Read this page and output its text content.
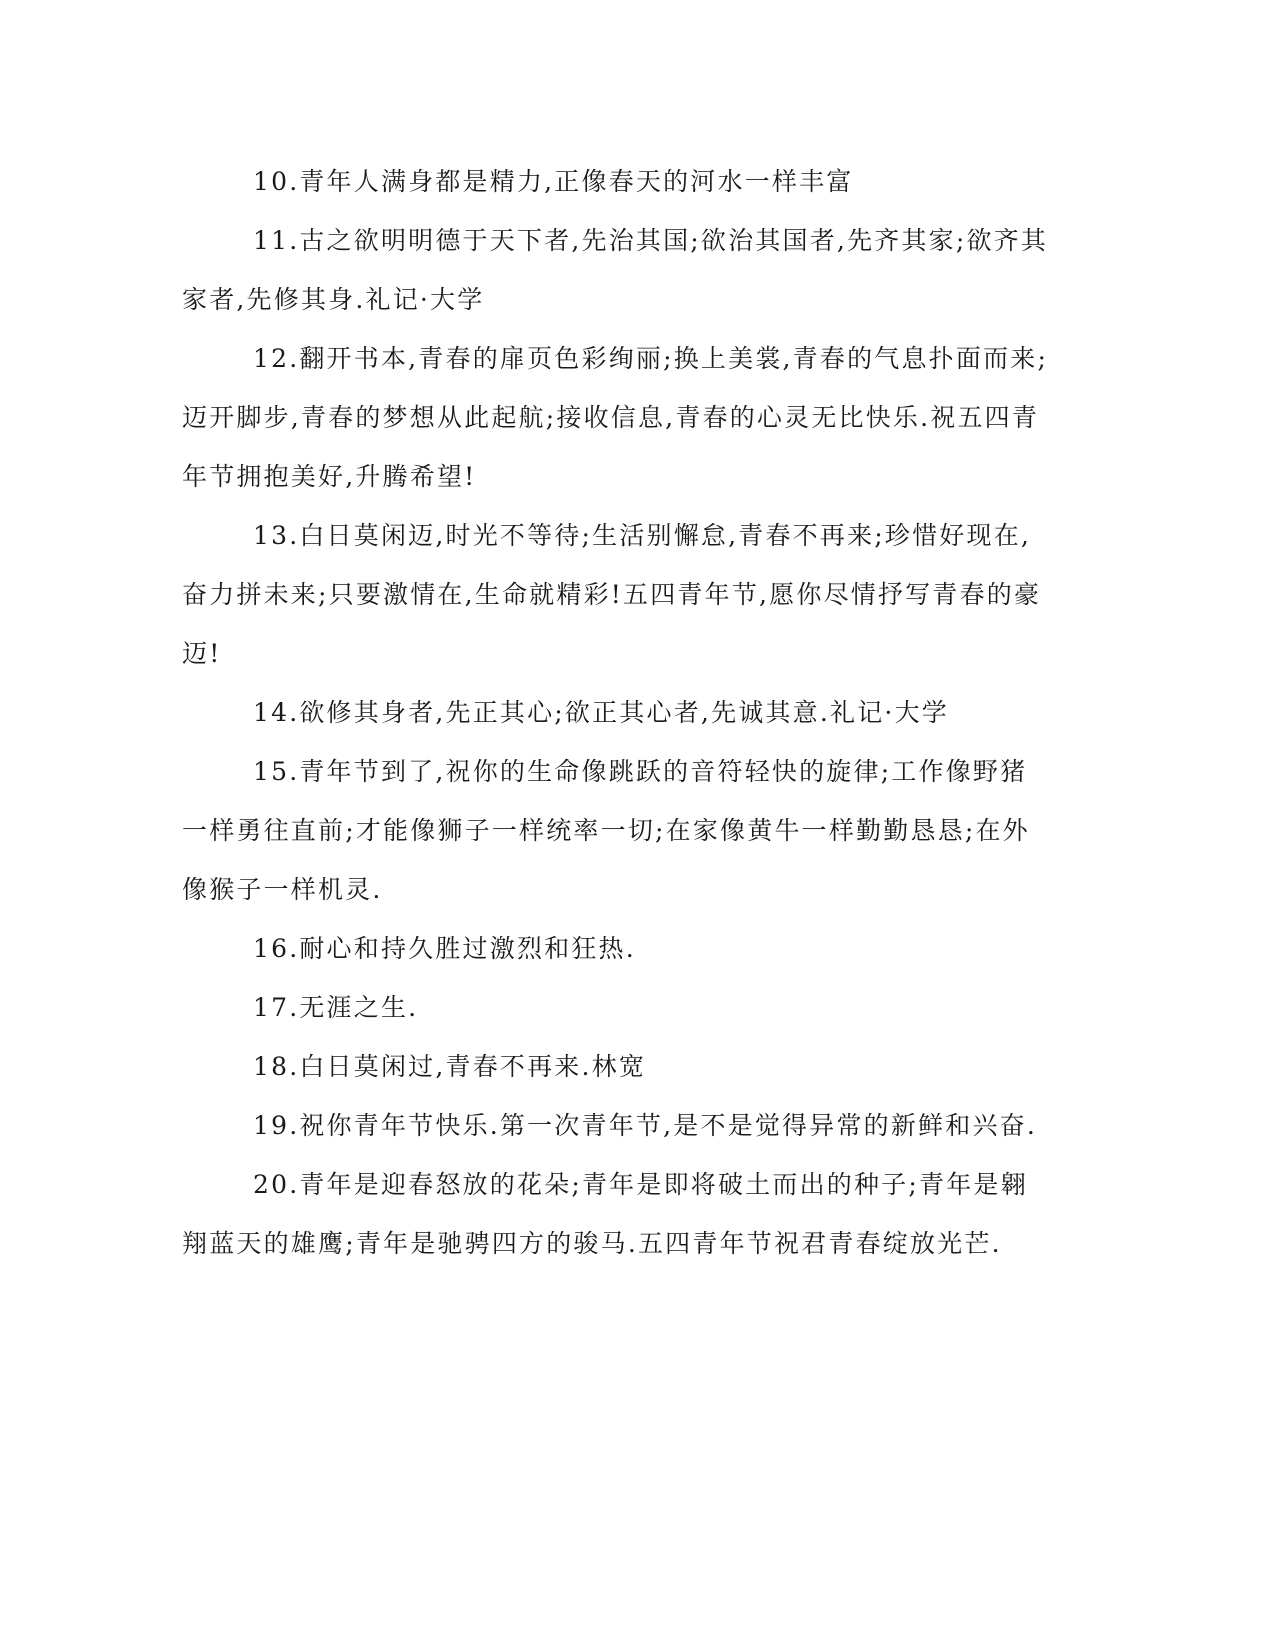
10.青年人满身都是精力,正像春天的河水一样丰富

11.古之欲明明德于天下者,先治其国;欲治其国者,先齐其家;欲齐其家者,先修其身.礼记·大学

12.翻开书本,青春的扉页色彩绚丽;换上美裳,青春的气息扑面而来;迈开脚步,青春的梦想从此起航;接收信息,青春的心灵无比快乐.祝五四青年节拥抱美好,升腾希望!

13.白日莫闲迈,时光不等待;生活别懈怠,青春不再来;珍惜好现在,奋力拼未来;只要激情在,生命就精彩!五四青年节,愿你尽情抒写青春的豪迈!

14.欲修其身者,先正其心;欲正其心者,先诚其意.礼记·大学

15.青年节到了,祝你的生命像跳跃的音符轻快的旋律;工作像野猪一样勇往直前;才能像狮子一样统率一切;在家像黄牛一样勤勤恳恳;在外像猴子一样机灵.

16.耐心和持久胜过激烈和狂热.

17.无涯之生.

18.白日莫闲过,青春不再来.林宽

19.祝你青年节快乐.第一次青年节,是不是觉得异常的新鲜和兴奋.

20.青年是迎春怒放的花朵;青年是即将破土而出的种子;青年是翱翔蓝天的雄鹰;青年是驰骋四方的骏马.五四青年节祝君青春绽放光芒.
